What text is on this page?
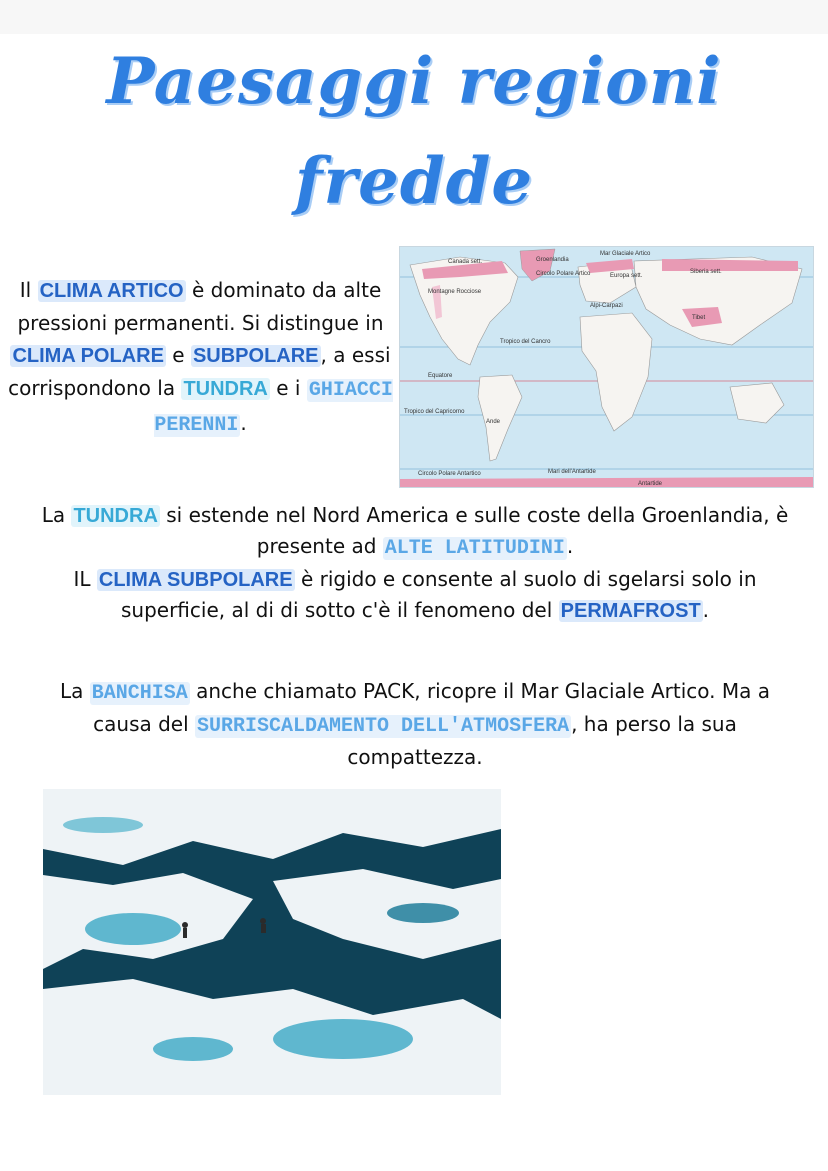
Paesaggi regioni
fredde
Il CLIMA ARTICO è dominato da alte pressioni permanenti. Si distingue in CLIMA POLARE e SUBPOLARE , a essi corrispondono la TUNDRA e i GHIACCI PERENNI .
Canada sett.	Groenlandia
Mar Glaciale Artico
Circolo Polare Artico	Europa sett.
Siberia sett.
Montagne Rocciose
Alpi-Carpazi
Tibet
Tropico del Cancro
Equatore
Tropico del Capricorno
Ande
Circolo Polare Antartico	Mari dell'Antartide
Antartide
La TUNDRA si estende nel Nord America e sulle coste della Groenlandia, è presente ad ALTE LATITUDINI .
IL CLIMA SUBPOLARE è rigido e consente al suolo di sgelarsi solo in superficie, al di di sotto c'è il fenomeno del PERMAFROST .
La BANCHISA anche chiamato PACK, ricopre il Mar Glaciale Artico. Ma a causa del SURRISCALDAMENTO DELL'ATMOSFERA , ha perso la sua compattezza.
